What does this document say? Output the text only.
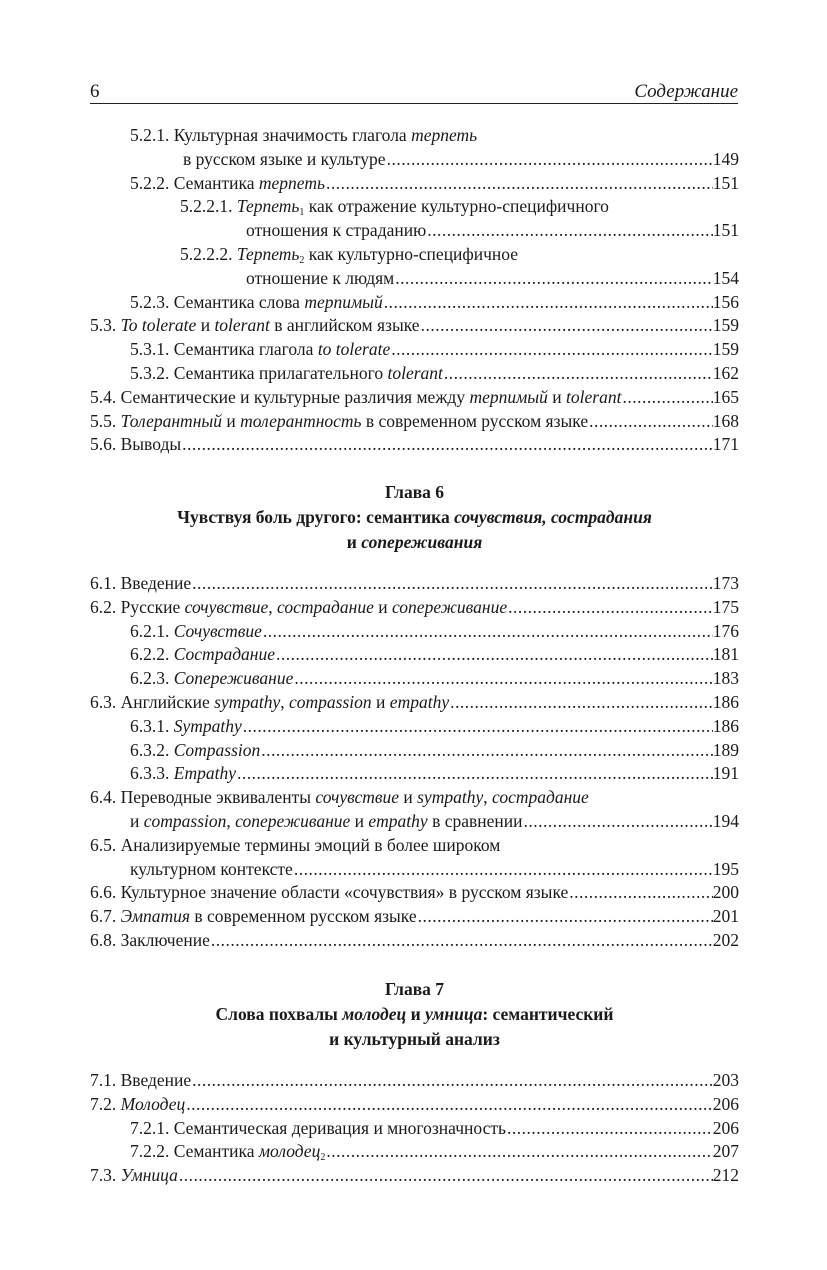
6	Содержание
5.2.1. Культурная значимость глагола терпеть
в русском языке и культуре .....	149
5.2.2. Семантика терпеть .....	151
5.2.2.1. Терпеть$_1$ как отражение культурно-специфичного
отношения к страданию .....	151
5.2.2.2. Терпеть$_2$ как культурно-специфичное
отношение к людям .....	154
5.2.3. Семантика слова терпимый .....	156
5.3. To tolerate и tolerant в английском языке .....	159
5.3.1. Семантика глагола to tolerate .....	159
5.3.2. Семантика прилагательного tolerant .....	162
5.4. Семантические и культурные различия между терпимый и tolerant .....	165
5.5. Толерантный и толерантность в современном русском языке .....	168
5.6. Выводы .....	171
Глава 6
Чувствуя боль другого: семантика сочувствия, сострадания
и сопереживания
6.1. Введение .....	173
6.2. Русские сочувствие, сострадание и сопереживание .....	175
6.2.1. Сочувствие .....	176
6.2.2. Сострадание .....	181
6.2.3. Сопереживание .....	183
6.3. Английские sympathy, compassion и empathy .....	186
6.3.1. Sympathy .....	186
6.3.2. Compassion .....	189
6.3.3. Empathy .....	191
6.4. Переводные эквиваленты сочувствие и sympathy, сострадание
и compassion, сопереживание и empathy в сравнении .....	194
6.5. Анализируемые термины эмоций в более широком
культурном контексте .....	195
6.6. Культурное значение области «сочувствия» в русском языке .....	200
6.7. Эмпатия в современном русском языке .....	201
6.8. Заключение .....	202
Глава 7
Слова похвалы молодец и умница: семантический
и культурный анализ
7.1. Введение .....	203
7.2. Молодец .....	206
7.2.1. Семантическая деривация и многозначность .....	206
7.2.2. Семантика молодец$_2$ .....	207
7.3. Умница .....	212
